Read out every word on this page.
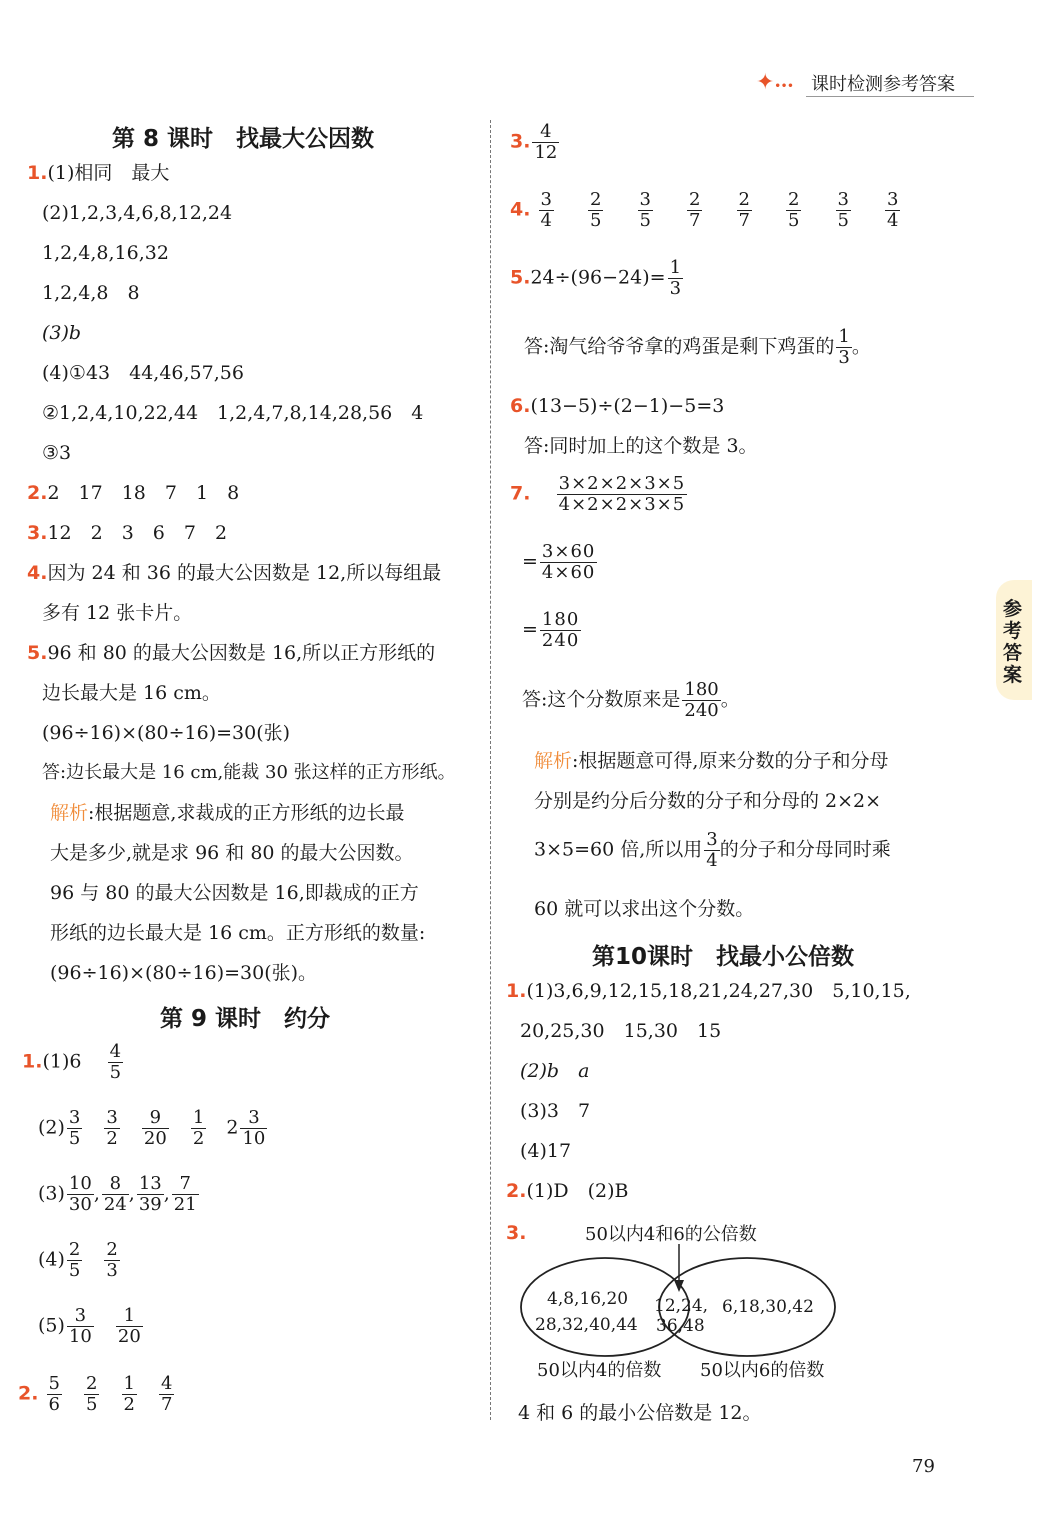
✦••• 课时检测参考答案
参考答案
第 8 课时　找最大公因数
1.(1)相同　最大
(2)1,2,3,4,6,8,12,24
1,2,4,8,16,32
1,2,4,8　8
(3)b
(4)①43　44,46,57,56
②1,2,4,10,22,44　1,2,4,7,8,14,28,56　4
③3
2.2　17　18　7　1　8
3.12　2　3　6　7　2
4.因为 24 和 36 的最大公因数是 12,所以每组最
多有 12 张卡片。
5.96 和 80 的最大公因数是 16,所以正方形纸的
边长最大是 16 cm。
(96÷16)×(80÷16)=30(张)
答:边长最大是 16 cm,能裁 30 张这样的正方形纸。
解析:根据题意,求裁成的正方形纸的边长最
大是多少,就是求 96 和 80 的最大公因数。
96 与 80 的最大公因数是 16,即裁成的正方
形纸的边长最大是 16 cm。正方形纸的数量:
(96÷16)×(80÷16)=30(张)。
第 9 课时　约分
$1.(1)6 \frac{4}{5}$
$(2) \frac{3}{5}$
$\frac{3}{2}$
$\frac{9}{20}$
$\frac{1}{2} 2 \frac{3}{10}$
$(3) \frac{10}{30}$ , $\frac{8}{24}$ , $\frac{13}{39}$ , $\frac{7}{21}$
$(4) \frac{2}{5}$
$\frac{2}{3}$
$(5) \frac{3}{10}$
$\frac{1}{20}$
2. $\frac{5}{6}$
$\frac{2}{5}$
$\frac{1}{2}$
$\frac{4}{7}$
3. $\frac{4}{12}$
4. $\frac{3}{4}$
$\frac{2}{5}$
$\frac{3}{5}$
$\frac{2}{7}$
$\frac{2}{7}$
$\frac{2}{5}$
$\frac{3}{5}$
$\frac{3}{4}$
$5.24\div(96-24)= \frac{1}{3}$
答:淘气给爷爷拿的鸡蛋是剩下鸡蛋的 $\frac{1}{3}$ 。
6.(13−5)÷(2−1)−5=3
答:同时加上的这个数是 3。
7. $\frac{3\times 2\times 2\times 3\times 5}{4\times 2\times 2\times 3\times 5}$
= $\frac{3\times 60}{4\times 60}$
= $\frac{180}{240}$
答:这个分数原来是 $\frac{180}{240}$ 。
解析:根据题意可得,原来分数的分子和分母
分别是约分后分数的分子和分母的 2×2×
3×5=60 倍,所以用 $\frac{3}{4}$ 的分子和分母同时乘
60 就可以求出这个分数。
第10课时　找最小公倍数
1.(1)3,6,9,12,15,18,21,24,27,30　5,10,15,
20,25,30　15,30　15
(2)b　a
(3)3　7
(4)17
2.(1)D　(2)B
3.	50以内4和6的公倍数
4,8,16,20
28,32,40,44
12,24,
36,48
6,18,30,42
50以内4的倍数 50以内6的倍数
4 和 6 的最小公倍数是 12。
79
